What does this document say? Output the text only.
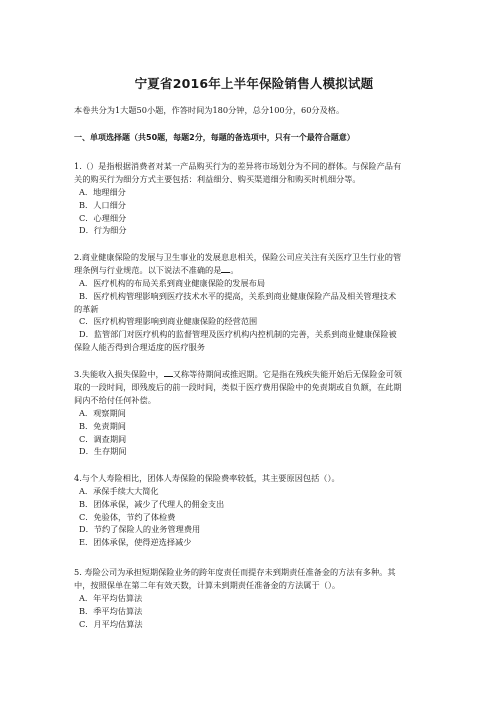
宁夏省2016年上半年保险销售人模拟试题
本卷共分为1大题50小题，作答时间为180分钟，总分100分，60分及格。
一、单项选择题（共50题，每题2分，每题的备选项中，只有一个最符合题意）

1.（）是指根据消费者对某一产品购买行为的差异将市场划分为不同的群体。与保险产品有

关的购买行为细分方式主要包括：利益细分、购买渠道细分和购买时机细分等。

A．地理细分

B．人口细分

C．心理细分

D．行为细分

2.商业健康保险的发展与卫生事业的发展息息相关，保险公司应关注有关医疗卫生行业的管

理条例与行业规范。以下说法不准确的是 。

A．医疗机构的布局关系到商业健康保险的发展布局

B．医疗机构管理影响到医疗技术水平的提高，关系到商业健康保险产品及相关管理技术

的革新

C．医疗机构管理影响到商业健康保险的经营范围

D．监管部门对医疗机构的监督管理及医疗机构内控机制的完善，关系到商业健康保险被

保险人能否得到合理适度的医疗服务

3.失能收入损失保险中， 又称等待期间或推迟期。它是指在残疾失能开始后无保险金可领

取的一段时间，即残废后的前一段时间，类似于医疗费用保险中的免责期或自负额，在此期

间内不给付任何补偿。

A．观察期间

B．免责期间

C．调查期间

D．生存期间

4.与个人寿险相比，团体人寿保险的保险费率较低，其主要原因包括（）。

A．承保手续大大简化

B．团体承保，减少了代理人的佣金支出

C．免验体，节约了体检费

D．节约了保险人的业务管理费用

E．团体承保，使得逆选择减少

5. 寿险公司为承担短期保险业务的跨年度责任而提存未到期责任准备金的方法有多种。其

中，按照保单在第二年有效天数，计算未到期责任准备金的方法属于（）。

A．年平均估算法

B．季平均估算法

C．月平均估算法
